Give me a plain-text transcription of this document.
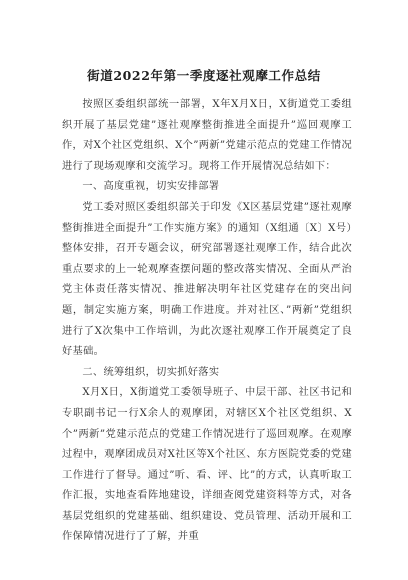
街道2022年第一季度逐社观摩工作总结

按照区委组织部统一部署，X年X月X日，X街道党工委组织开展了基层党建”逐社观摩整街推进全面提升”巡回观摩工作，对X个社区党组织、X个”两新”党建示范点的党建工作情况进行了现场观摩和交流学习。现将工作开展情况总结如下：

一、高度重视，切实安排部署

党工委对照区委组织部关于印发《X区基层党建”逐社观摩整街推进全面提升”工作实施方案》的通知（X组通〔X〕X号）整体安排，召开专题会议，研究部署逐社观摩工作，结合此次重点要求的上一轮观摩查摆问题的整改落实情况、全面从严治党主体责任落实情况、推进解决明年社区党建存在的突出问题，制定实施方案，明确工作进度。并对社区、”两新”党组织进行了X次集中工作培训，为此次逐社观摩工作开展奠定了良好基础。

二、统筹组织，切实抓好落实

X月X日，X街道党工委领导班子、中层干部、社区书记和专职副书记一行X余人的观摩团，对辖区X个社区党组织、X个”两新”党建示范点的党建工作情况进行了巡回观摩。在观摩过程中，观摩团成员对X社区等X个社区、东方医院党委的党建工作进行了督导。通过”听、看、评、比”的方式，认真听取工作汇报，实地查看阵地建设，详细查阅党建资料等方式，对各基层党组织的党建基础、组织建设、党员管理、活动开展和工作保障情况进行了了解，并重
